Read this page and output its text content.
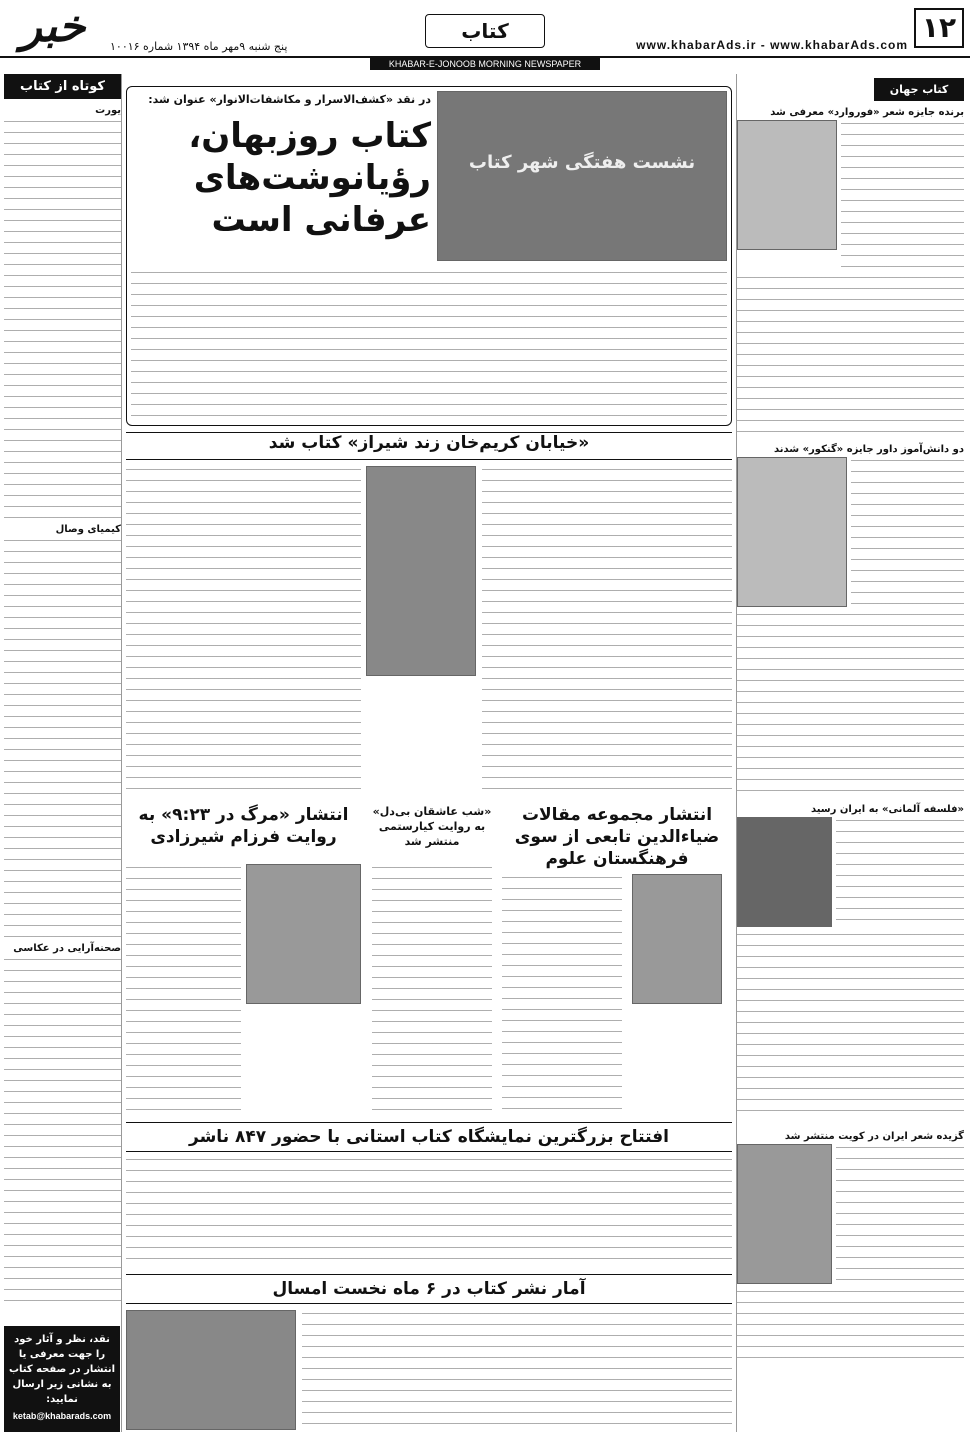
۱۲
www.khabarAds.ir - www.khabarAds.com
کتاب
خبر	پنج شنبه ۹مهر ماه ۱۳۹۴ شماره ۱۰۰۱۶
KHABAR-E-JONOOB MORNING NEWSPAPER
کتاب جهان
برنده جایزه شعر «فوروارد» معرفی شد
دو دانش‌آموز داور جایزه «گنکور» شدند
«فلسفه آلمانی» به ایران رسید
گزیده شعر ایران در کویت منتشر شد
کوتاه از کتاب
یورت
کیمیای وصال
صحنه‌آرایی در عکاسی
نقد، نظر و آثار خود را جهت معرفی یا انتشار در صفحه کتاب به نشانی زیر ارسال نمایید:
ketab@khabarads.com
در نقد «کشف‌الاسرار و مکاشفات‌الانوار» عنوان شد:
نشست هفتگی شهر کتاب
کتاب روزبهان، رؤیانوشت‌های عرفانی است
«خیابان کریم‌خان زند شیراز» کتاب شد
انتشار مجموعه مقالات ضیاءالدین تابعی از سوی فرهنگستان علوم
«شب عاشقان بی‌دل» به روایت کیارستمی منتشر شد
انتشار «مرگ در ۹:۲۳» به روایت فرزام شیرزادی
افتتاح بزرگترین نمایشگاه کتاب استانی با حضور ۸۴۷ ناشر
آمار نشر کتاب در ۶ ماه نخست امسال
